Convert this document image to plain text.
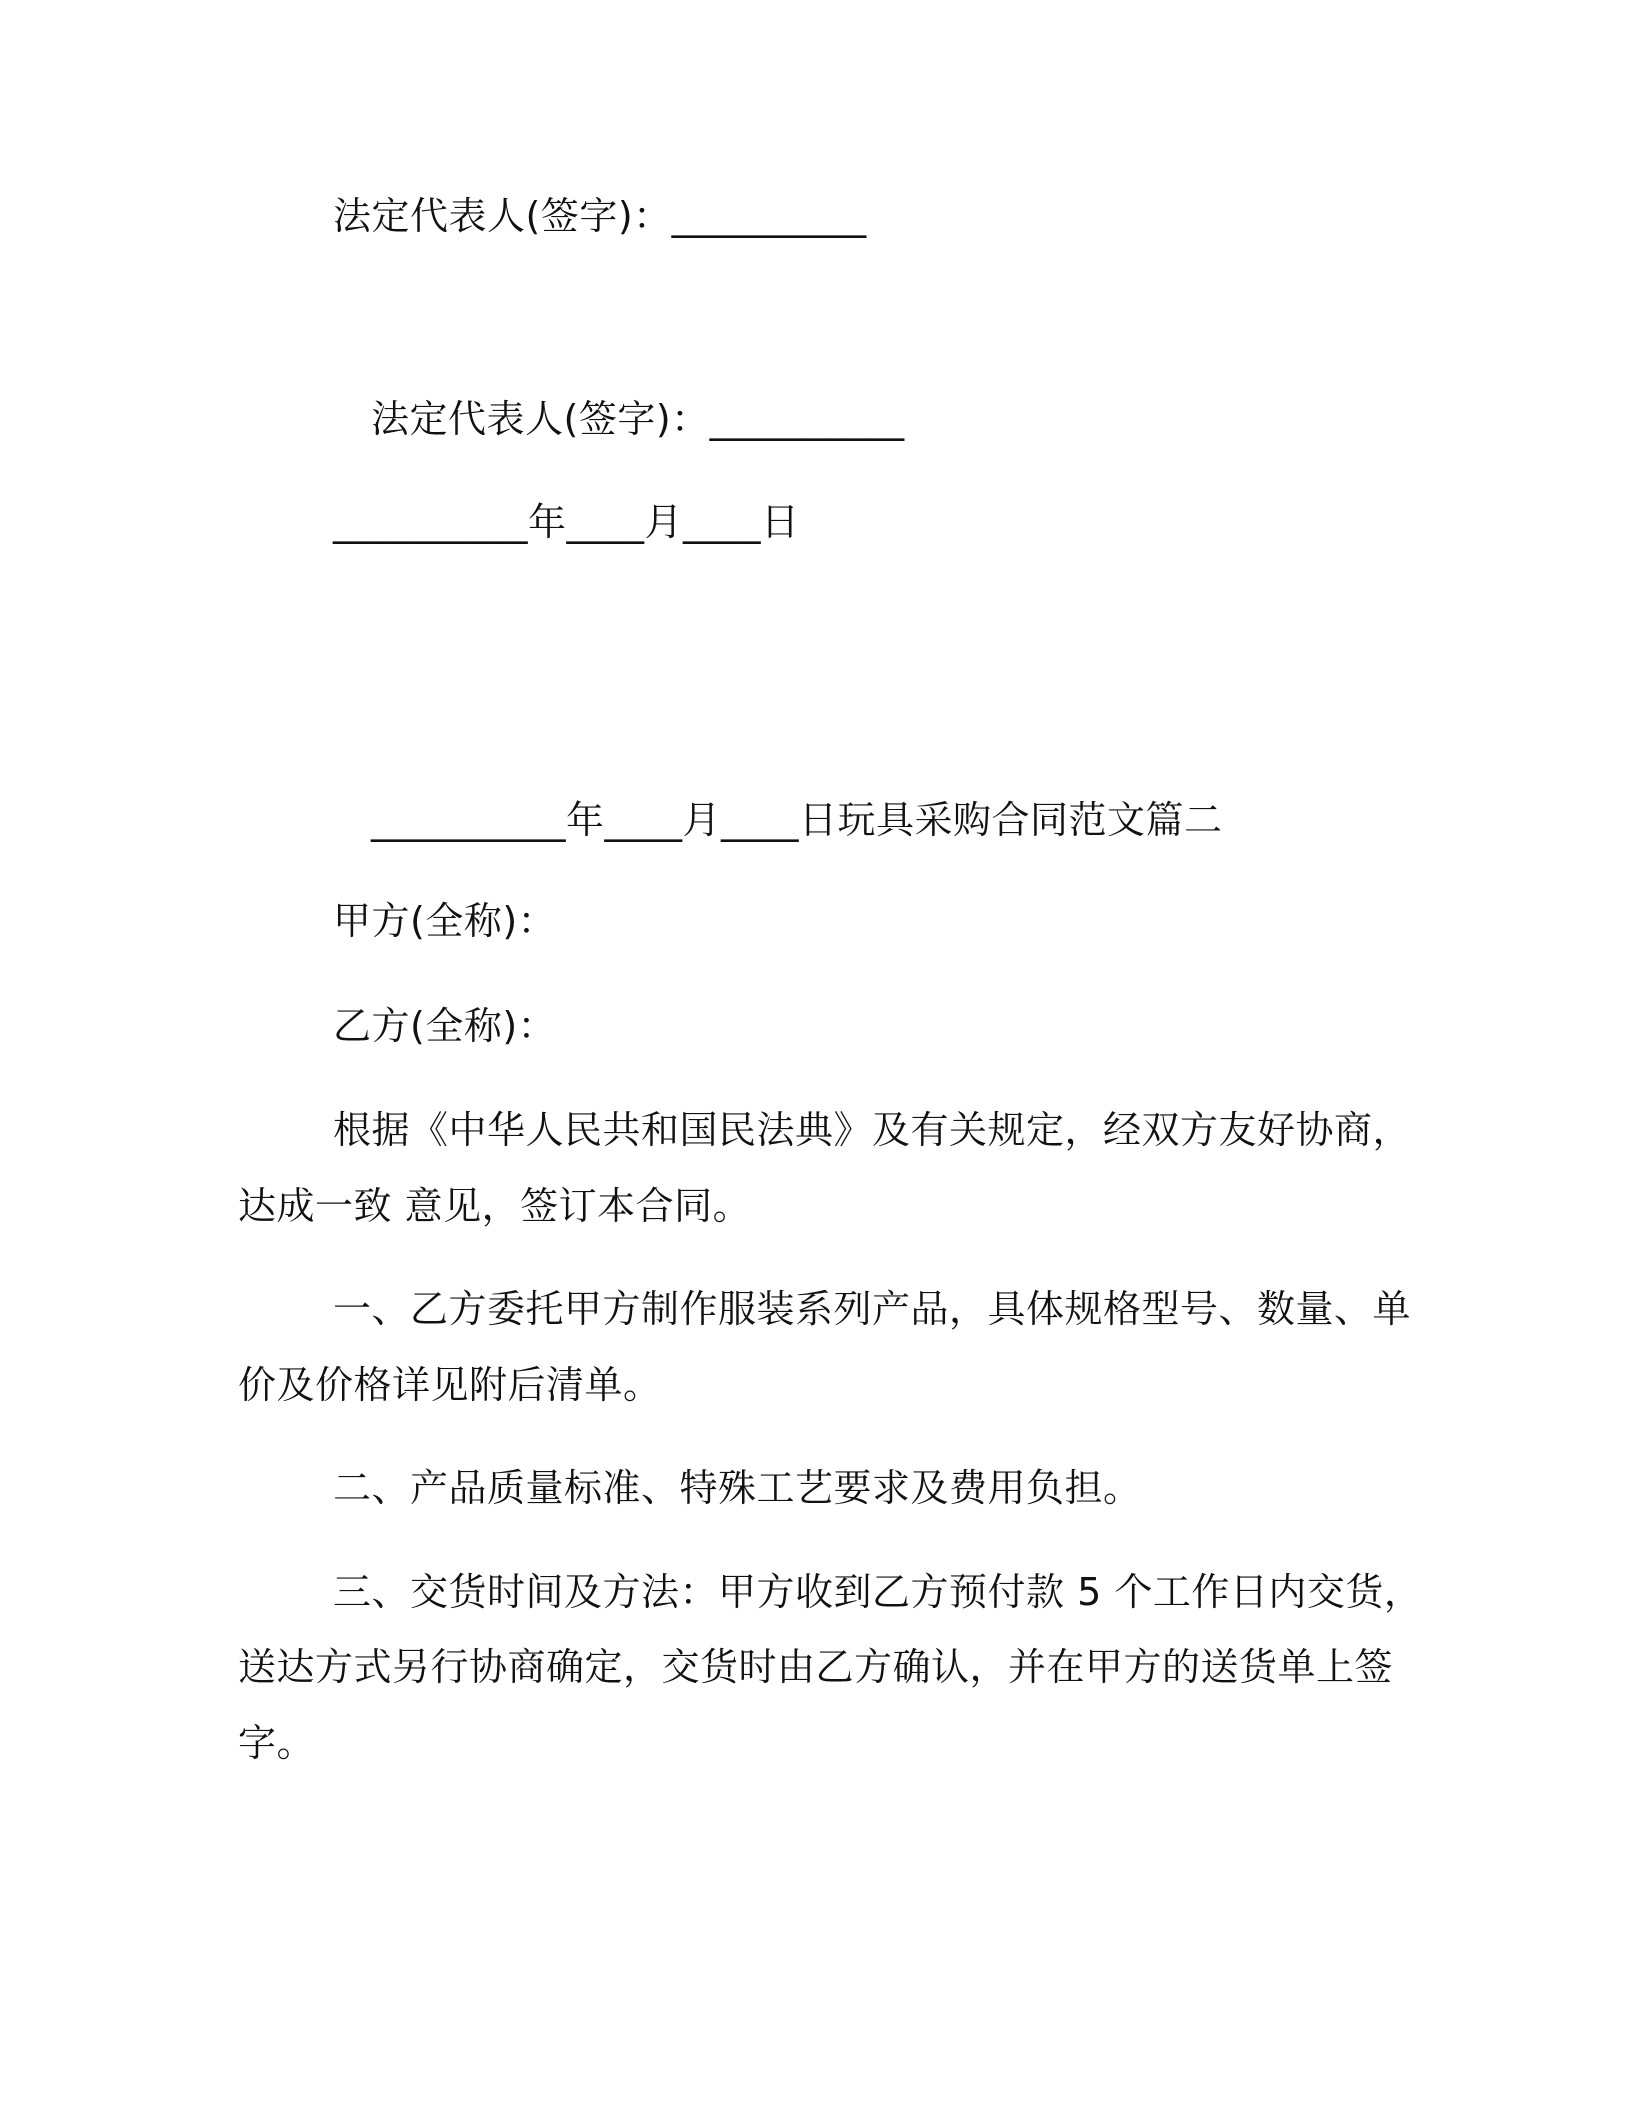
法定代表人(签字)：__________
法定代表人(签字)：__________
__________年____月____日
__________年____月____日玩具采购合同范文篇二
甲方(全称)：
乙方(全称)：
根据《中华人民共和国民法典》及有关规定，经双方友好协商，
达成一致 意见，签订本合同。
一、乙方委托甲方制作服装系列产品，具体规格型号、数量、单
价及价格详见附后清单。
二、产品质量标准、特殊工艺要求及费用负担。
三、交货时间及方法：甲方收到乙方预付款 5 个工作日内交货，
送达方式另行协商确定，交货时由乙方确认，并在甲方的送货单上签
字。
